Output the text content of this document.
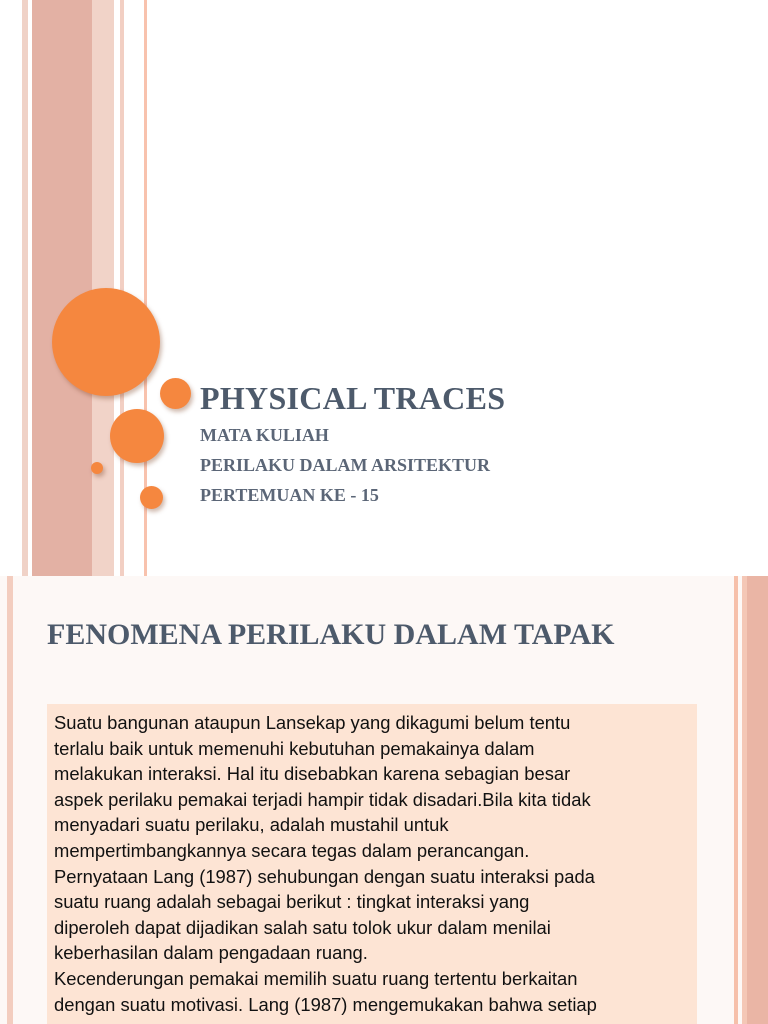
PHYSICAL TRACES
MATA KULIAH
PERILAKU DALAM ARSITEKTUR
PERTEMUAN KE - 15
FENOMENA PERILAKU DALAM TAPAK

Suatu bangunan ataupun Lansekap yang dikagumi belum tentu
terlalu baik untuk memenuhi kebutuhan pemakainya dalam
melakukan interaksi. Hal itu disebabkan karena sebagian besar
aspek perilaku pemakai terjadi hampir tidak disadari.Bila kita tidak
menyadari suatu perilaku, adalah mustahil untuk
mempertimbangkannya secara tegas dalam perancangan.
Pernyataan Lang (1987) sehubungan dengan suatu interaksi pada
suatu ruang adalah sebagai berikut : tingkat interaksi yang
diperoleh dapat dijadikan salah satu tolok ukur dalam menilai
keberhasilan dalam pengadaan ruang.
Kecenderungan pemakai memilih suatu ruang tertentu berkaitan
dengan suatu motivasi. Lang (1987) mengemukakan bahwa setiap
